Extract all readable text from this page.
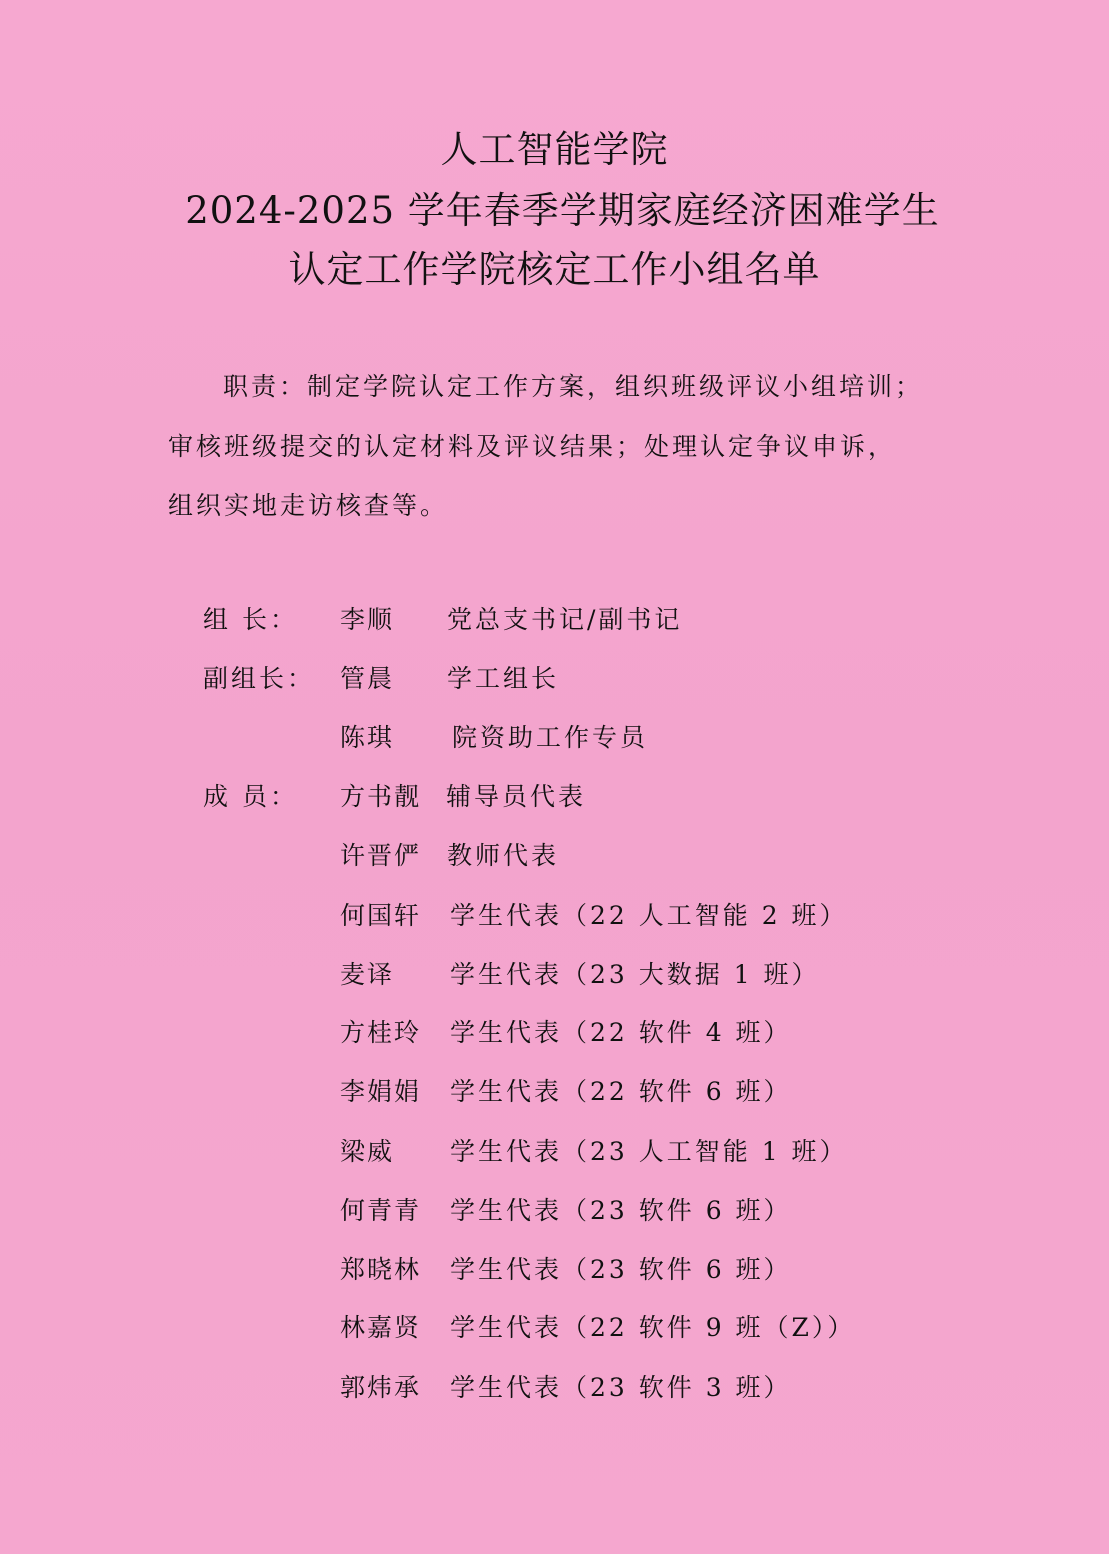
人工智能学院
2024-2025 学年春季学期家庭经济困难学生
认定工作学院核定工作小组名单
职责：制定学院认定工作方案，组织班级评议小组培训；
审核班级提交的认定材料及评议结果；处理认定争议申诉，
组织实地走访核查等。
组 长： 李顺 党总支书记/副书记
副组长： 管晨 学工组长
陈琪 院资助工作专员
成 员： 方书靓 辅导员代表
许晋俨 教师代表
何国轩 学生代表（22 人工智能 2 班）
麦译 学生代表（23 大数据 1 班）
方桂玲 学生代表（22 软件 4 班）
李娟娟 学生代表（22 软件 6 班）
梁威 学生代表（23 人工智能 1 班）
何青青 学生代表（23 软件 6 班）
郑晓林 学生代表（23 软件 6 班）
林嘉贤 学生代表（22 软件 9 班（Z））
郭炜承 学生代表（23 软件 3 班）
